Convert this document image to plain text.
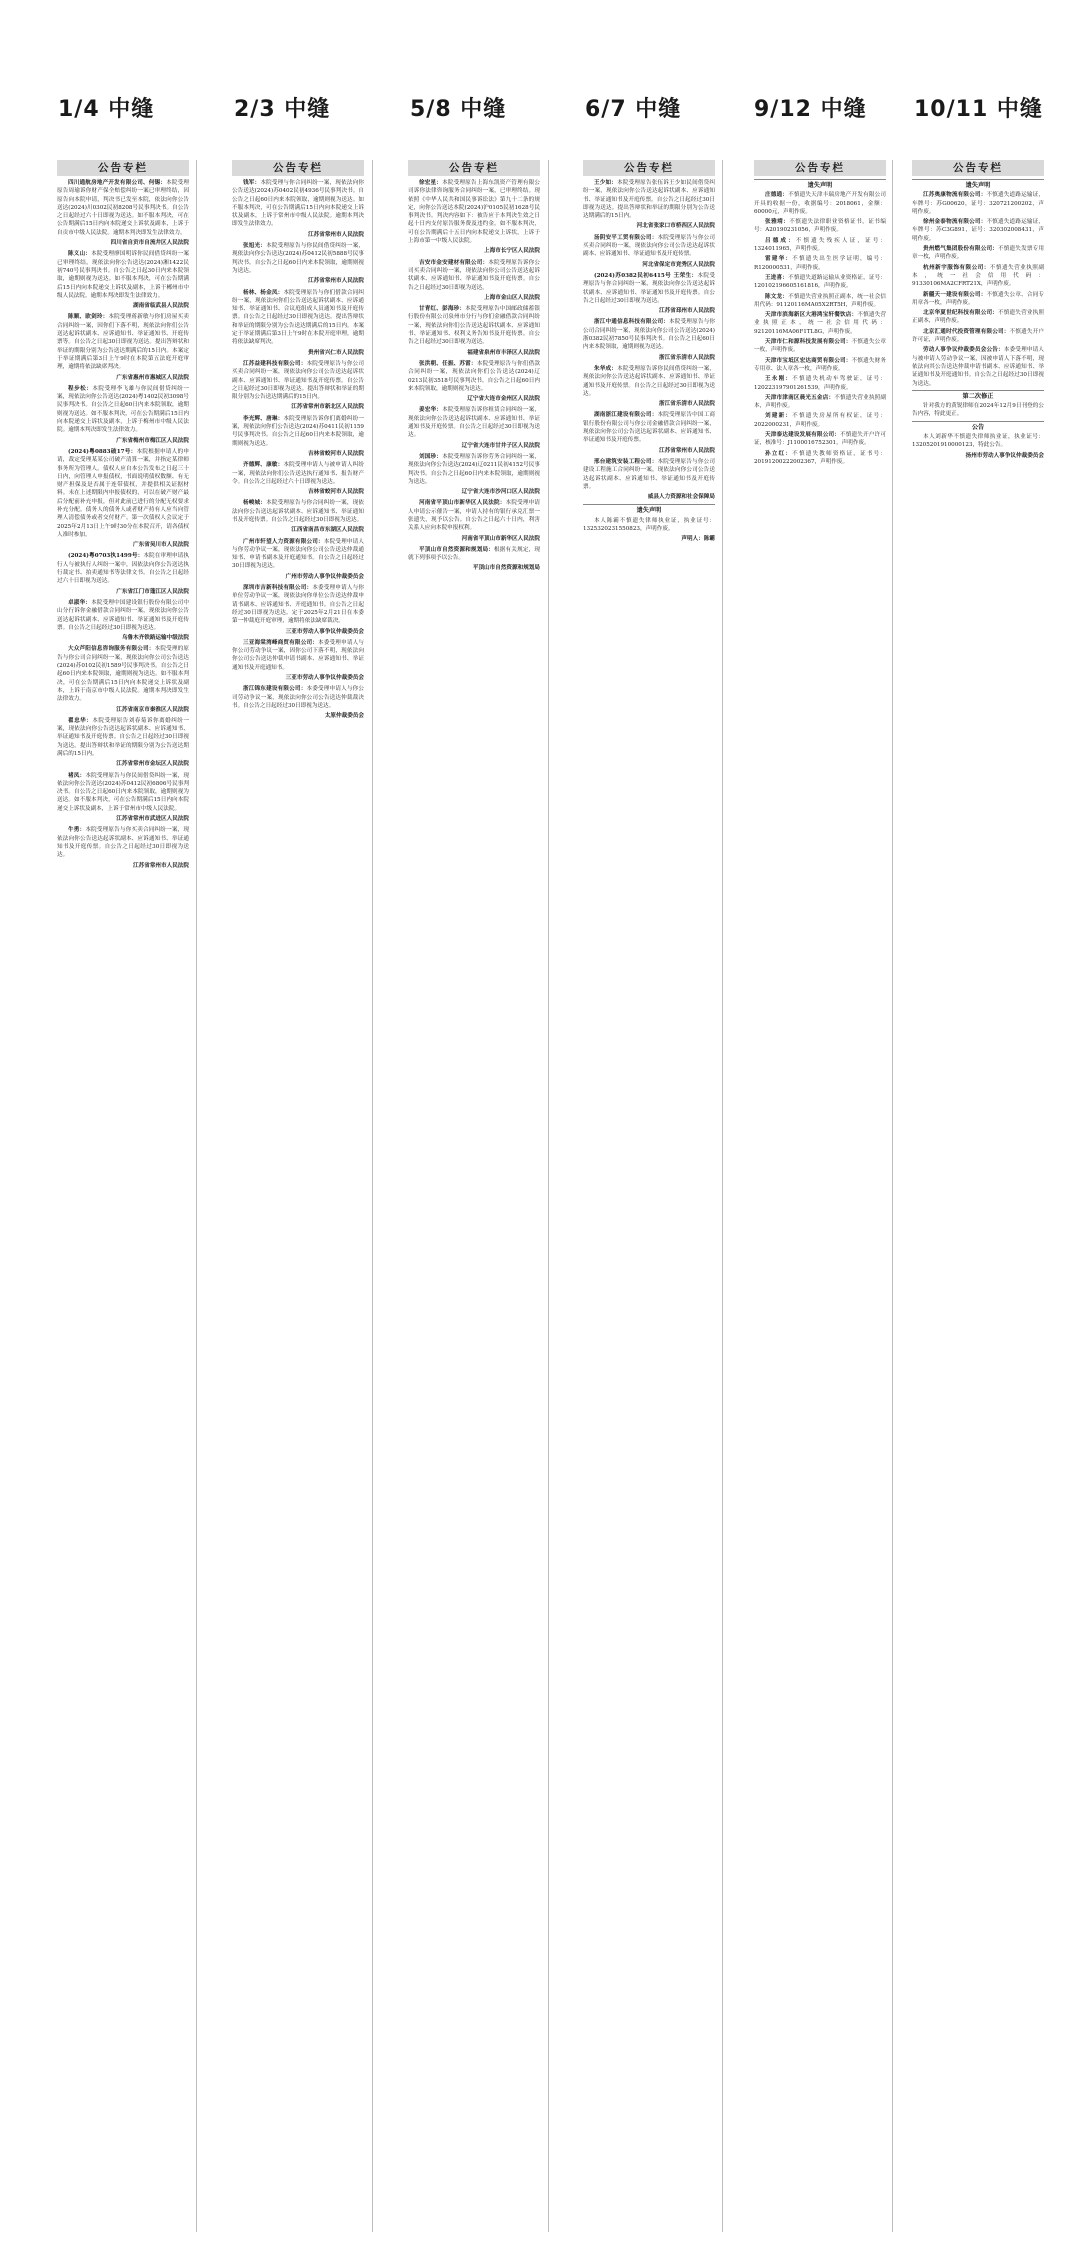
1/4 中缝	2/3 中缝	5/8 中缝	6/7 中缝	9/12 中缝 10/11 中缝
公告专栏
四川通航房地产开发有限公司、何锡：本院受理原告周瑜诉你财产保全赔偿纠纷一案已审理终结，因原告向本院申请，判决书已发至本院，依法向你公告送达(2024)川0302民初8208号民事判决书。自公告之日起经过六十日即视为送达。如不服本判决，可在公告期满后15日内向本院递交上诉状及副本，上诉于自贡市中级人民法院。逾期本判决即发生法律效力。
四川省自贡市自流井区人民法院
陈义山：本院受理廖国明诉你民间借贷纠纷一案已审理终结，现依法向你公告送达(2024)湘1422民初740号民事判决书。自公告之日起30日内来本院领取，逾期则视为送达。如不服本判决，可在公告期满后15日内向本院递交上诉状及副本，上诉于郴州市中级人民法院。逾期本判决即发生法律效力。
湖南省临武县人民法院
陈顺、欧剑玲：本院受理蒋新敏与你们房屋买卖合同纠纷一案，因你们下落不明，现依法向你们公告送达起诉状副本、应诉通知书、举证通知书、开庭传票等。自公告之日起30日即视为送达。提出答辩状和举证的期限分别为公告送达期满后的15日内。本案定于举证期满后第3日上午9时在本院第五法庭开庭审理，逾期将依法缺席判决。
广东省惠州市惠城区人民法院
程步松：本院受理李飞雄与你民间借贷纠纷一案，现依法向你公告送达(2024)粤1402民初3098号民事判决书。自公告之日起60日内来本院领取，逾期则视为送达。如不服本判决，可在公告期满后15日内向本院递交上诉状及副本，上诉于梅州市中级人民法院。逾期本判决即发生法律效力。
广东省梅州市梅江区人民法院
(2024)粤0883破17号：本院根据申请人的申请，裁定受理某某公司破产清算一案，并指定某律师事务所为管理人。债权人应自本公告发布之日起三十日内，向管理人申报债权，书面说明债权数额、有无财产担保及是否属于连带债权，并提供相关证据材料。未在上述期限内申报债权的，可以在破产财产最后分配前补充申报，但对此前已进行的分配无权要求补充分配。债务人的债务人或者财产持有人应当向管理人清偿债务或者交付财产。第一次债权人会议定于2025年2月13日上午9时30分在本院召开，请各债权人准时参加。
广东省吴川市人民法院
(2024)粤0703执1499号：本院在审理申请执行人与被执行人纠纷一案中，因依法向你公告送达执行裁定书、拍卖通知书等法律文书。自公告之日起经过六十日即视为送达。
广东省江门市蓬江区人民法院
卓淑华：本院受理中国建设银行股份有限公司中山分行诉你金融借款合同纠纷一案，现依法向你公告送达起诉状副本、应诉通知书、举证通知书及开庭传票。自公告之日起经过30日即视为送达。
乌鲁木齐铁路运输中级法院
大众芦阳信息咨询服务有限公司：本院受理的原告与你公司合同纠纷一案，现依法向你公司公告送达(2024)苏0102民初1589号民事判决书。自公告之日起60日内来本院领取，逾期则视为送达。如不服本判决，可在公告期满后15日内向本院递交上诉状及副本，上诉于南京市中级人民法院。逾期本判决即发生法律效力。
江苏省南京市秦淮区人民法院
翟忠华：本院受理原告刘春菊诉你离婚纠纷一案，现依法向你公告送达起诉状副本、应诉通知书、举证通知书及开庭传票。自公告之日起经过30日即视为送达。提出答辩状和举证的期限分别为公告送达期满后的15日内。
江苏省常州市金坛区人民法院
褚凤：本院受理原告与你民间借贷纠纷一案，现依法向你公告送达(2024)苏0412民初6806号民事判决书。自公告之日起60日内来本院领取，逾期则视为送达。如不服本判决，可在公告期满后15日内向本院递交上诉状及副本，上诉于常州市中级人民法院。
江苏省常州市武进区人民法院
牛勇：本院受理原告与你买卖合同纠纷一案，现依法向你公告送达起诉状副本、应诉通知书、举证通知书及开庭传票。自公告之日起经过30日即视为送达。
江苏省常州市人民法院
公告专栏
钱军：本院受理与你合同纠纷一案，现依法向你公告送达(2024)苏0402民初4936号民事判决书。自公告之日起60日内来本院领取，逾期则视为送达。如不服本判决，可在公告期满后15日内向本院递交上诉状及副本，上诉于常州市中级人民法院。逾期本判决即发生法律效力。
江苏省常州市人民法院
张旭光：本院受理原告与你民间借贷纠纷一案，现依法向你公告送达(2024)苏0412民初5888号民事判决书。自公告之日起60日内来本院领取，逾期则视为送达。
江苏省常州市人民法院
杨林、杨金凤：本院受理原告与你们借款合同纠纷一案，现依法向你们公告送达起诉状副本、应诉通知书、举证通知书、合议庭组成人员通知书及开庭传票。自公告之日起经过30日即视为送达。提出答辩状和举证的期限分别为公告送达期满后的15日内。本案定于举证期满后第3日上午9时在本院开庭审理，逾期将依法缺席判决。
贵州省兴仁市人民法院
江苏益建科技有限公司：本院受理原告与你公司买卖合同纠纷一案，现依法向你公司公告送达起诉状副本、应诉通知书、举证通知书及开庭传票。自公告之日起经过30日即视为送达。提出答辩状和举证的期限分别为公告送达期满后的15日内。
江苏省常州市新北区人民法院
李光辉、唐琳：本院受理原告诉你们离婚纠纷一案，现依法向你们公告送达(2024)苏0411民初1159号民事判决书。自公告之日起60日内来本院领取，逾期则视为送达。
吉林省蛟河市人民法院
齐德辉、康敏：本院受理申请人与被申请人纠纷一案，现依法向你们公告送达执行通知书、报告财产令。自公告之日起经过六十日即视为送达。
吉林省蛟河市人民法院
杨峻城：本院受理原告与你合同纠纷一案，现依法向你公告送达起诉状副本、应诉通知书、举证通知书及开庭传票。自公告之日起经过30日即视为送达。
江西省南昌市东湖区人民法院
广州市轩望人力资源有限公司：本院受理申请人与你劳动争议一案，现依法向你公司公告送达仲裁通知书、申请书副本及开庭通知书。自公告之日起经过30日即视为送达。
广州市劳动人事争议仲裁委员会
深圳市吉新科技有限公司：本委受理申请人与你单位劳动争议一案，现依法向你单位公告送达仲裁申请书副本、应诉通知书、开庭通知书。自公告之日起经过30日即视为送达。定于2025年2月21日在本委第一仲裁庭开庭审理，逾期将依法缺席裁决。
三亚市劳动人事争议仲裁委员会
三亚海棠湾峰商贸有限公司：本委受理申请人与你公司劳动争议一案，因你公司下落不明，现依法向你公司公告送达仲裁申请书副本、应诉通知书、举证通知书及开庭通知书。
三亚市劳动人事争议仲裁委员会
浙江锦东建设有限公司：本委受理申请人与你公司劳动争议一案，现依法向你公司公告送达仲裁裁决书。自公告之日起经过30日即视为送达。
太原仲裁委员会
公告专栏
徐宏星：本院受理原告上海东凯资产管理有限公司诉你法律咨询服务合同纠纷一案，已审理终结。现依照《中华人民共和国民事诉讼法》第九十二条的规定，向你公告送达本院(2024)沪0105民初1628号民事判决书。判决内容如下：被告应于本判决生效之日起十日内支付原告服务费及违约金。如不服本判决，可在公告期满后十五日内向本院递交上诉状，上诉于上海市第一中级人民法院。
上海市长宁区人民法院
吉安市金安建材有限公司：本院受理原告诉你公司买卖合同纠纷一案，现依法向你公司公告送达起诉状副本、应诉通知书、举证通知书及开庭传票。自公告之日起经过30日即视为送达。
上海市金山区人民法院
甘青红、彭海珍：本院受理原告中国邮政储蓄银行股份有限公司泉州市分行与你们金融借款合同纠纷一案，现依法向你们公告送达起诉状副本、应诉通知书、举证通知书、权利义务告知书及开庭传票。自公告之日起经过30日即视为送达。
福建省泉州市丰泽区人民法院
张洪朝、任振、苏雷：本院受理原告与你们借款合同纠纷一案，现依法向你们公告送达(2024)辽0213民初3518号民事判决书。自公告之日起60日内来本院领取，逾期则视为送达。
辽宁省大连市金州区人民法院
姜宏华：本院受理原告诉你租赁合同纠纷一案，现依法向你公告送达起诉状副本、应诉通知书、举证通知书及开庭传票。自公告之日起经过30日即视为送达。
辽宁省大连市甘井子区人民法院
刘国珍：本院受理原告诉你劳务合同纠纷一案，现依法向你公告送达(2024)辽0211民初4152号民事判决书。自公告之日起60日内来本院领取，逾期则视为送达。
辽宁省大连市沙河口区人民法院
河南省平顶山市新华区人民法院：本院受理申请人申请公示催告一案，申请人持有的银行承兑汇票一张遗失，现予以公告。自公告之日起六十日内，利害关系人应向本院申报权利。
河南省平顶山市新华区人民法院
平顶山市自然资源和规划局：根据有关规定，现就下列事项予以公告。
平顶山市自然资源和规划局
公告专栏
王少如：本院受理原告张伍诉王少如民间借贷纠纷一案，现依法向你公告送达起诉状副本、应诉通知书、举证通知书及开庭传票。自公告之日起经过30日即视为送达。提出答辩状和举证的期限分别为公告送达期满后的15日内。
河北省张家口市桥西区人民法院
汤阴安平工贸有限公司：本院受理原告与你公司买卖合同纠纷一案，现依法向你公司公告送达起诉状副本、应诉通知书、举证通知书及开庭传票。
河北省保定市竞秀区人民法院
(2024)苏0382民初6415号 王荣生：本院受理原告与你合同纠纷一案，现依法向你公告送达起诉状副本、应诉通知书、举证通知书及开庭传票。自公告之日起经过30日即视为送达。
江苏省邳州市人民法院
浙江中通信息科技有限公司：本院受理原告与你公司合同纠纷一案，现依法向你公司公告送达(2024)浙0382民初7850号民事判决书。自公告之日起60日内来本院领取，逾期则视为送达。
浙江省乐清市人民法院
朱华成：本院受理原告诉你民间借贷纠纷一案，现依法向你公告送达起诉状副本、应诉通知书、举证通知书及开庭传票。自公告之日起经过30日即视为送达。
浙江省乐清市人民法院
湖南浙江建设有限公司：本院受理原告中国工商银行股份有限公司与你公司金融借款合同纠纷一案，现依法向你公司公告送达起诉状副本、应诉通知书、举证通知书及开庭传票。
江苏省常州市人民法院
邢台建筑安装工程公司：本院受理原告与你公司建设工程施工合同纠纷一案，现依法向你公司公告送达起诉状副本、应诉通知书、举证通知书及开庭传票。
威县人力资源和社会保障局
遗失声明
本人陈霸不慎遗失律师执业证，执业证号：1325320231550823，声明作废。
声明人：陈霸
公告专栏
遗失声明
庄德通：不慎遗失天津丰瑞房地产开发有限公司开具的收据一份，收据编号：2018061，金额：60000元，声明作废。
张雅靖：不慎遗失法律职业资格证书，证书编号：A20190231056，声明作废。
吕德成：不慎遗失残疾人证，证号：1324011965，声明作废。
雷建华：不慎遗失出生医学证明，编号：R120000531，声明作废。
王进喜：不慎遗失道路运输从业资格证，证号：120102196605161816，声明作废。
陈文龙：不慎遗失营业执照正副本，统一社会信用代码：91120116MA05X2RT5H，声明作废。
天津市滨海新区大港鸿宝轩餐饮店：不慎遗失营业执照正本，统一社会信用代码：92120116MA06F1TL8G，声明作废。
天津市仁和源科技发展有限公司：不慎遗失公章一枚，声明作废。
天津市宝坻区宏达商贸有限公司：不慎遗失财务专用章、法人章各一枚，声明作废。
王永刚：不慎遗失机动车驾驶证，证号：120223197901261539，声明作废。
天津市津南区晨光五金店：不慎遗失营业执照副本，声明作废。
刘建新：不慎遗失房屋所有权证，证号：2022000231，声明作废。
天津泰达建设发展有限公司：不慎遗失开户许可证，核准号：J1100016752301，声明作废。
孙立红：不慎遗失教师资格证，证书号：20191200222002367，声明作废。
公告专栏
遗失声明
江苏奥康物流有限公司：不慎遗失道路运输证，车牌号：苏G00620，证号：320721200202，声明作废。
徐州金泰物流有限公司：不慎遗失道路运输证，车牌号：苏C3G891，证号：320302008431，声明作废。
贵州燃气集团股份有限公司：不慎遗失发票专用章一枚，声明作废。
杭州新宇服饰有限公司：不慎遗失营业执照副本，统一社会信用代码：91330106MA2CFRT21X，声明作废。
新疆天一建设有限公司：不慎遗失公章、合同专用章各一枚，声明作废。
北京华夏世纪科技有限公司：不慎遗失营业执照正副本，声明作废。
北京汇通时代投资管理有限公司：不慎遗失开户许可证，声明作废。
劳动人事争议仲裁委员会公告：本委受理申请人与被申请人劳动争议一案，因被申请人下落不明，现依法向其公告送达仲裁申请书副本、应诉通知书、举证通知书及开庭通知书。自公告之日起经过30日即视为送达。
第二次修正
针对我方的黄锐律师在2024年12月9日刊登的公告内容，特此更正。
公告
本人刘新华不慎遗失律师执业证，执业证号：13205201910000123，特此公告。
扬州市劳动人事争议仲裁委员会
